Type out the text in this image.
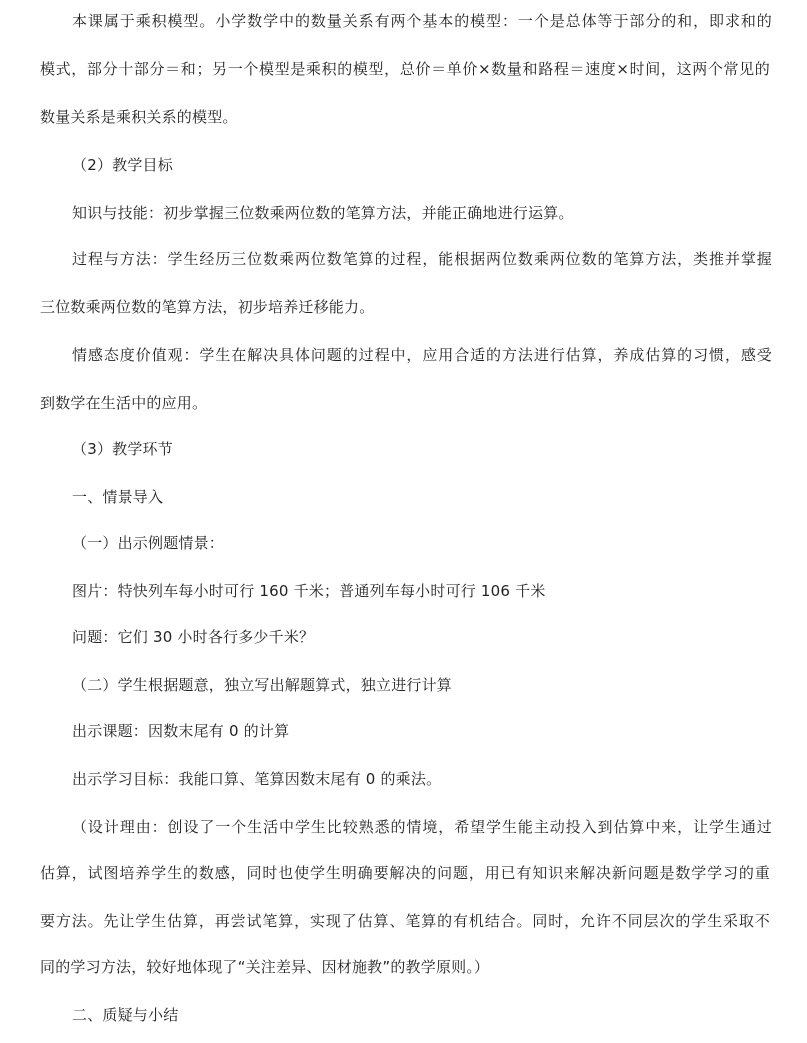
本课属于乘积模型。小学数学中的数量关系有两个基本的模型：一个是总体等于部分的和，即求和的
模式，部分十部分＝和；另一个模型是乘积的模型，总价＝单价×数量和路程＝速度×时间，这两个常见的
数量关系是乘积关系的模型。
（2）教学目标
知识与技能：初步掌握三位数乘两位数的笔算方法，并能正确地进行运算。
过程与方法：学生经历三位数乘两位数笔算的过程，能根据两位数乘两位数的笔算方法，类推并掌握
三位数乘两位数的笔算方法，初步培养迁移能力。
情感态度价值观：学生在解决具体问题的过程中，应用合适的方法进行估算，养成估算的习惯，感受
到数学在生活中的应用。
（3）教学环节
一、情景导入
（一）出示例题情景：
图片：特快列车每小时可行 160 千米；普通列车每小时可行 106 千米
问题：它们 30 小时各行多少千米？
（二）学生根据题意，独立写出解题算式，独立进行计算
出示课题：因数末尾有 0 的计算
出示学习目标：我能口算、笔算因数末尾有 0 的乘法。
（设计理由：创设了一个生活中学生比较熟悉的情境，希望学生能主动投入到估算中来，让学生通过
估算，试图培养学生的数感，同时也使学生明确要解决的问题，用已有知识来解决新问题是数学学习的重
要方法。先让学生估算，再尝试笔算，实现了估算、笔算的有机结合。同时，允许不同层次的学生采取不
同的学习方法，较好地体现了“关注差异、因材施教”的教学原则。）
二、质疑与小结
